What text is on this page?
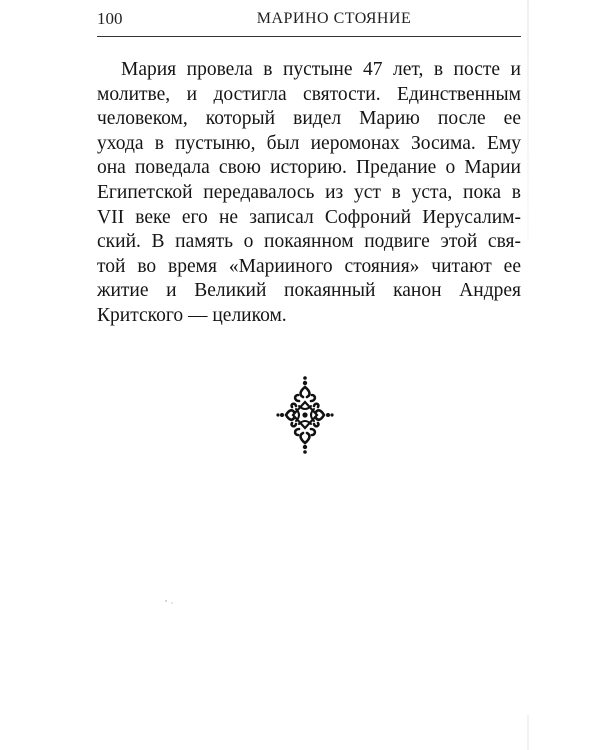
100	МАРИНО СТОЯНИЕ

Мария провела в пустыне 47 лет, в посте и
молитве, и достигла святости. Единственным
человеком, который видел Марию после ее
ухода в пустыню, был иеромонах Зосима. Ему
она поведала свою историю. Предание о Марии
Египетской передавалось из уст в уста, пока в
VII веке его не записал Софроний Иерусалим-
ский. В память о покаянном подвиге этой свя-
той во время «Марииного стояния» читают ее
житие и Великий покаянный канон Андрея
Критского — целиком.
